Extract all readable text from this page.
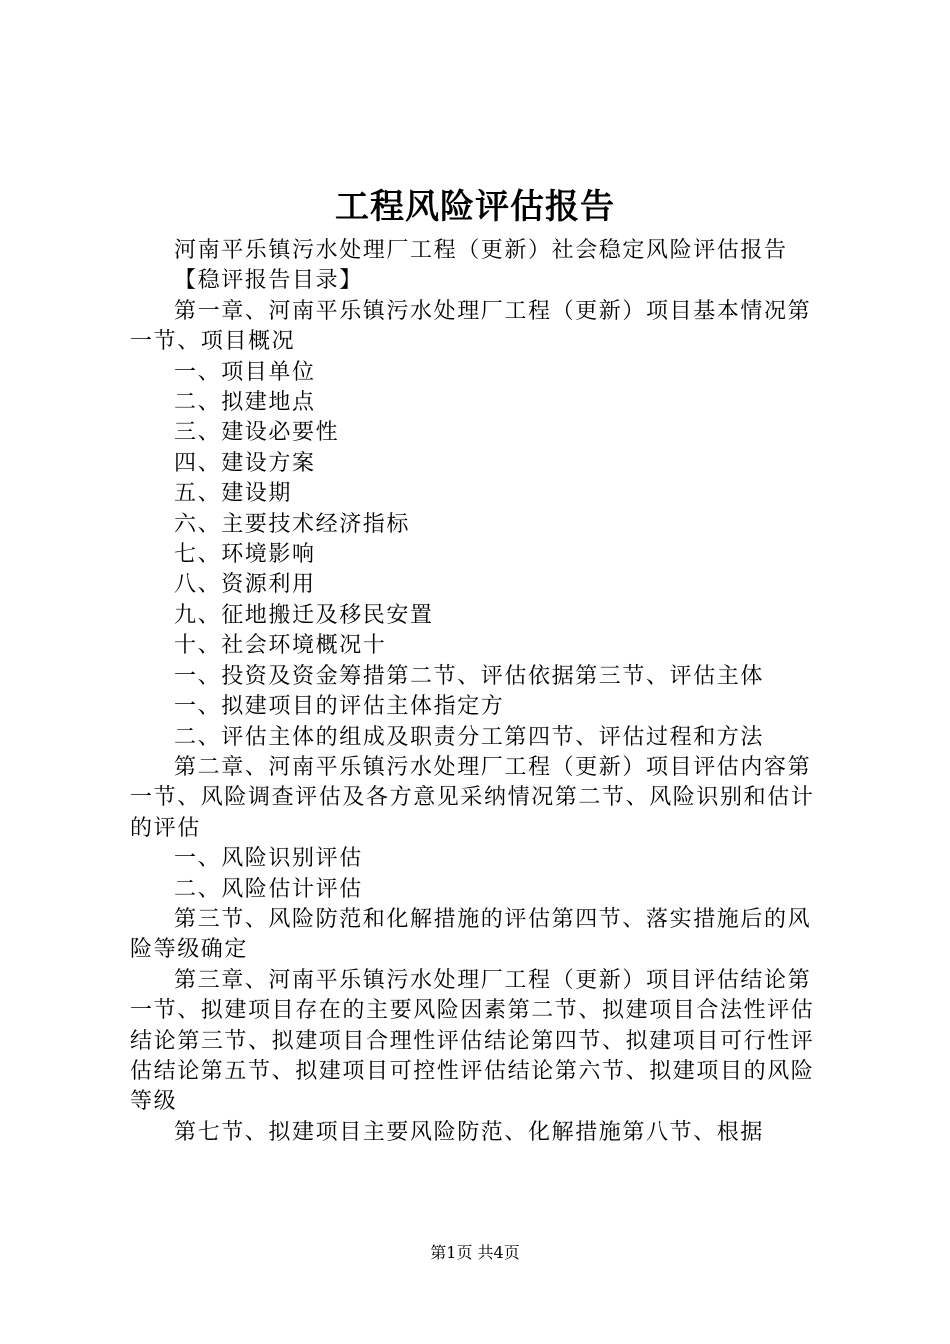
工程风险评估报告

河南平乐镇污水处理厂工程（更新）社会稳定风险评估报告

【稳评报告目录】

第一章、河南平乐镇污水处理厂工程（更新）项目基本情况第一节、项目概况

一、项目单位

二、拟建地点

三、建设必要性

四、建设方案

五、建设期

六、主要技术经济指标

七、环境影响

八、资源利用

九、征地搬迁及移民安置

十、社会环境概况十

一、投资及资金筹措第二节、评估依据第三节、评估主体

一、拟建项目的评估主体指定方

二、评估主体的组成及职责分工第四节、评估过程和方法

第二章、河南平乐镇污水处理厂工程（更新）项目评估内容第一节、风险调查评估及各方意见采纳情况第二节、风险识别和估计的评估

一、风险识别评估

二、风险估计评估

第三节、风险防范和化解措施的评估第四节、落实措施后的风险等级确定

第三章、河南平乐镇污水处理厂工程（更新）项目评估结论第一节、拟建项目存在的主要风险因素第二节、拟建项目合法性评估结论第三节、拟建项目合理性评估结论第四节、拟建项目可行性评估结论第五节、拟建项目可控性评估结论第六节、拟建项目的风险等级

第七节、拟建项目主要风险防范、化解措施第八节、根据

第1页 共4页
